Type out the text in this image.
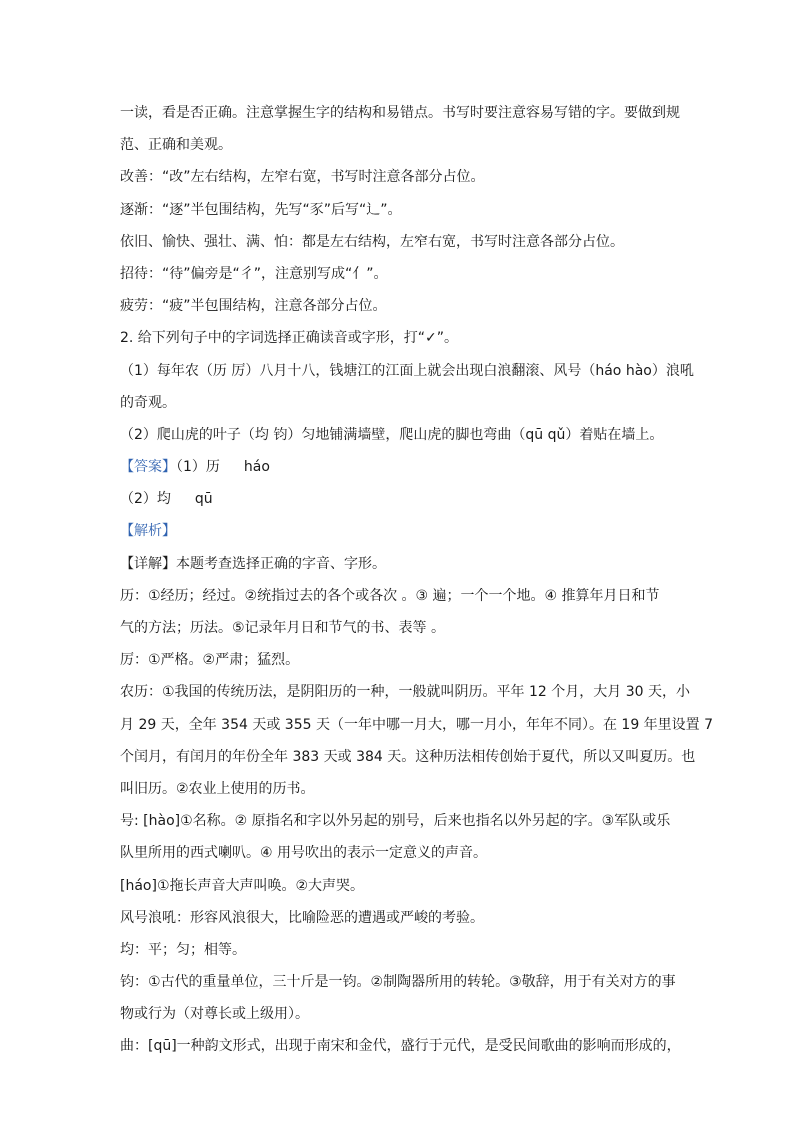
一读，看是否正确。注意掌握生字的结构和易错点。书写时要注意容易写错的字。要做到规
范、正确和美观。
改善：“改”左右结构，左窄右宽，书写时注意各部分占位。
逐渐：“逐”半包围结构，先写“豕”后写“辶”。
依旧、愉快、强壮、满、怕：都是左右结构，左窄右宽，书写时注意各部分占位。
招待：“待”偏旁是“彳”，注意别写成“亻”。
疲劳：“疲”半包围结构，注意各部分占位。
2. 给下列句子中的字词选择正确读音或字形，打“✓”。
（1）每年农（历 厉）八月十八，钱塘江的江面上就会出现白浪翻滚、风号（háo hào）浪吼
的奇观。
（2）爬山虎的叶子（均 钧）匀地铺满墙壁，爬山虎的脚也弯曲（qū qǔ）着贴在墙上。
【答案】（1）历 háo
（2）均 qū
【解析】
【详解】本题考查选择正确的字音、字形。
历：①经历；经过。②统指过去的各个或各次 。③ 遍；一个一个地。④ 推算年月日和节
气的方法；历法。⑤记录年月日和节气的书、表等 。
厉：①严格。②严肃；猛烈。
农历：①我国的传统历法，是阴阳历的一种，一般就叫阴历。平年 12 个月，大月 30 天，小
月 29 天，全年 354 天或 355 天（一年中哪一月大，哪一月小，年年不同）。在 19 年里设置 7
个闰月，有闰月的年份全年 383 天或 384 天。这种历法相传创始于夏代，所以又叫夏历。也
叫旧历。②农业上使用的历书。
号: [hào]①名称。② 原指名和字以外另起的别号，后来也指名以外另起的字。③军队或乐
队里所用的西式喇叭。④ 用号吹出的表示一定意义的声音。
[háo]①拖长声音大声叫唤。②大声哭。
风号浪吼：形容风浪很大，比喻险恶的遭遇或严峻的考验。
均：平；匀；相等。
钧：①古代的重量单位，三十斤是一钧。②制陶器所用的转轮。③敬辞，用于有关对方的事
物或行为（对尊长或上级用）。
曲：[qū]一种韵文形式，出现于南宋和金代，盛行于元代，是受民间歌曲的影响而形成的，
